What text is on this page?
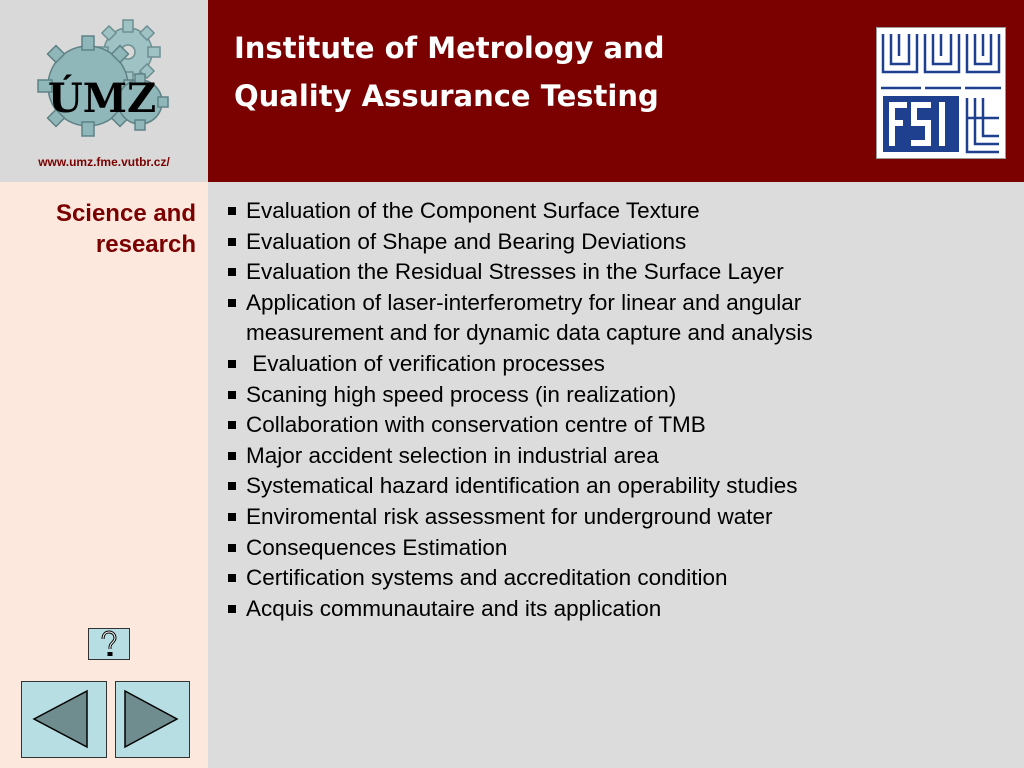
ÚMZ
www.umz.fme.vutbr.cz/
Institute of Metrology and
Quality Assurance Testing
Science and
research
Evaluation of the Component Surface Texture
Evaluation of Shape and Bearing Deviations
Evaluation the Residual Stresses in the Surface Layer
Application of laser-interferometry for linear and angular measurement and for dynamic data capture and analysis
Evaluation of verification processes
Scaning high speed process (in realization)
Collaboration with conservation centre of TMB
Major accident selection in industrial area
Systematical hazard identification an operability studies
Enviromental risk assessment for underground water
Consequences Estimation
Certification systems and accreditation condition
Acquis communautaire and its application
